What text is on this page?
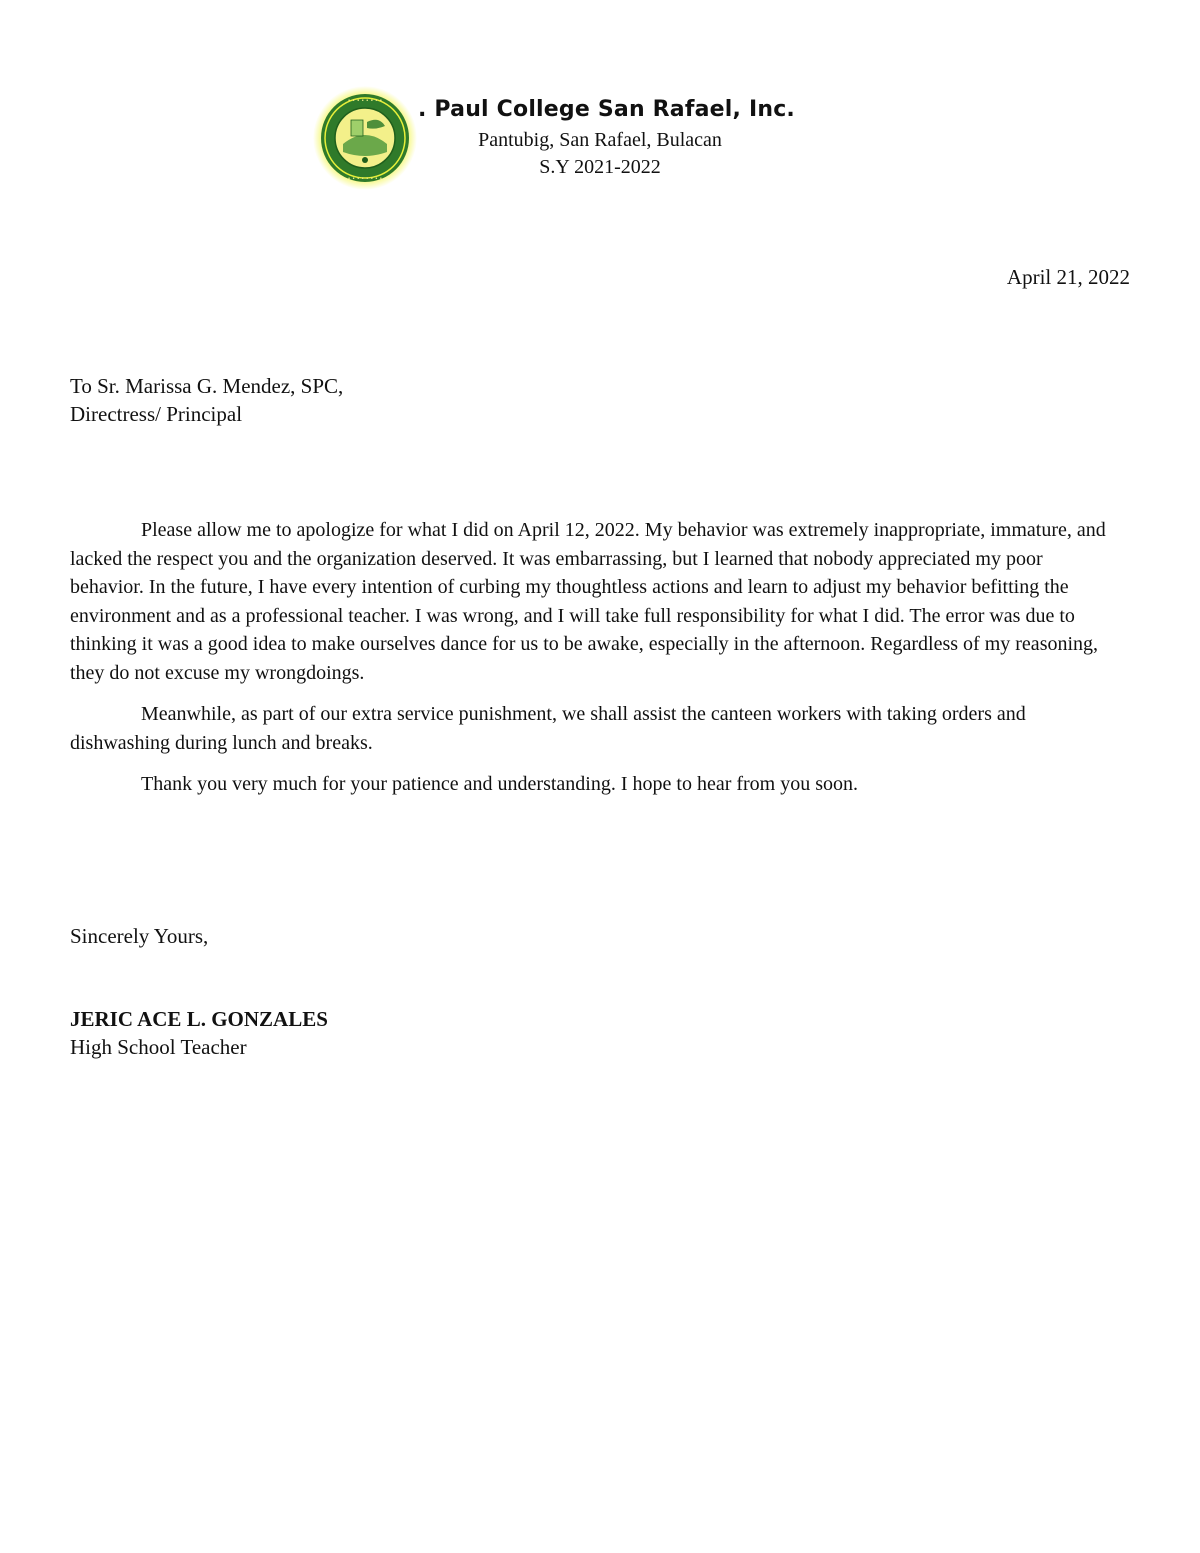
• • • • • • • •
• • • • • • • •
. Paul College San Rafael, Inc.
Pantubig, San Rafael, Bulacan
S.Y 2021-2022
April 21, 2022
To Sr. Marissa G. Mendez, SPC,
Directress/ Principal

Please allow me to apologize for what I did on April 12, 2022. My behavior was extremely inappropriate, immature, and lacked the respect you and the organization deserved. It was embarrassing, but I learned that nobody appreciated my poor behavior. In the future, I have every intention of curbing my thoughtless actions and learn to adjust my behavior befitting the environment and as a professional teacher. I was wrong, and I will take full responsibility for what I did. The error was due to thinking it was a good idea to make ourselves dance for us to be awake, especially in the afternoon. Regardless of my reasoning, they do not excuse my wrongdoings.

Meanwhile, as part of our extra service punishment, we shall assist the canteen workers with taking orders and dishwashing during lunch and breaks.

Thank you very much for your patience and understanding. I hope to hear from you soon.

Sincerely Yours,
JERIC ACE L. GONZALES
High School Teacher
